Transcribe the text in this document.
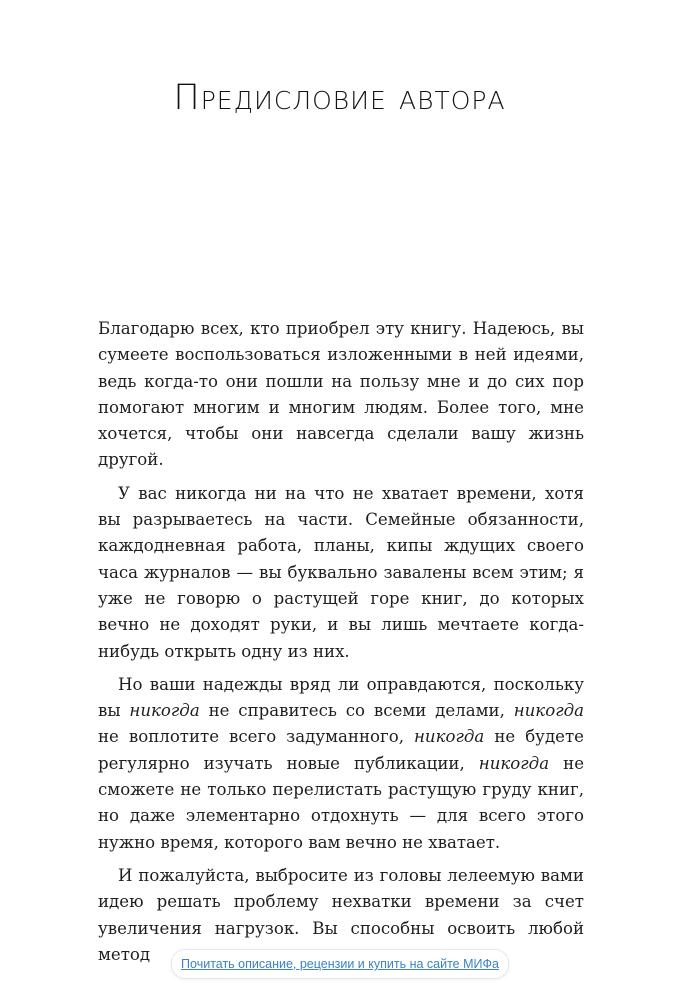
Предисловие автора

Благодарю всех, кто приобрел эту книгу. Надеюсь, вы сумеете воспользоваться изложенными в ней идеями, ведь когда-то они пошли на пользу мне и до сих пор помогают многим и многим людям. Более того, мне хочется, чтобы они навсегда сделали вашу жизнь другой.

У вас никогда ни на что не хватает времени, хотя вы разрываетесь на части. Семейные обязанности, каждодневная работа, планы, кипы ждущих своего часа журналов — вы буквально завалены всем этим; я уже не говорю о растущей горе книг, до которых вечно не доходят руки, и вы лишь мечтаете когда-нибудь открыть одну из них.

Но ваши надежды вряд ли оправдаются, поскольку вы никогда не справитесь со всеми делами, никогда не воплотите всего задуманного, никогда не будете регулярно изучать новые публикации, никогда не сможете не только перелистать растущую груду книг, но даже элементарно отдохнуть — для всего этого нужно время, которого вам вечно не хватает.

И пожалуйста, выбросите из головы лелеемую вами идею решать проблему нехватки времени за счет увеличения нагрузок. Вы способны освоить любой метод

Почитать описание, рецензии и купить на сайте МИФа
